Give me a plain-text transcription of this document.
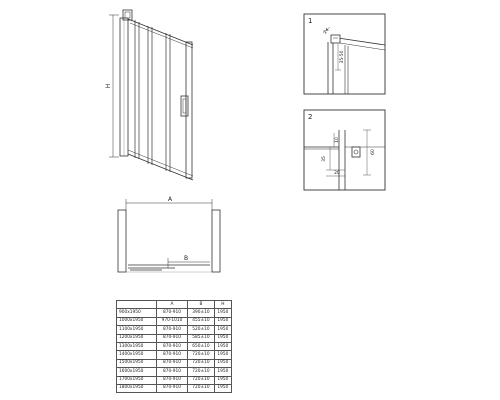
H
A
B
1
24
35-50
2
10
35
60
20
	A	B	H
900x1950	870-910	390±10	1950
1000x1950	970-1010	455±10	1950
1100x1950	870-910	520±10	1950
1200x1950	870-910	585±10	1950
1300x1950	870-910	650±10	1950
1400x1950	870-910	720±10	1950
1500x1950	870-910	720±10	1950
1600x1950	870-910	720±10	1950
1700x1950	870-910	720±10	1950
1800x1950	870-910	720±10	1950
